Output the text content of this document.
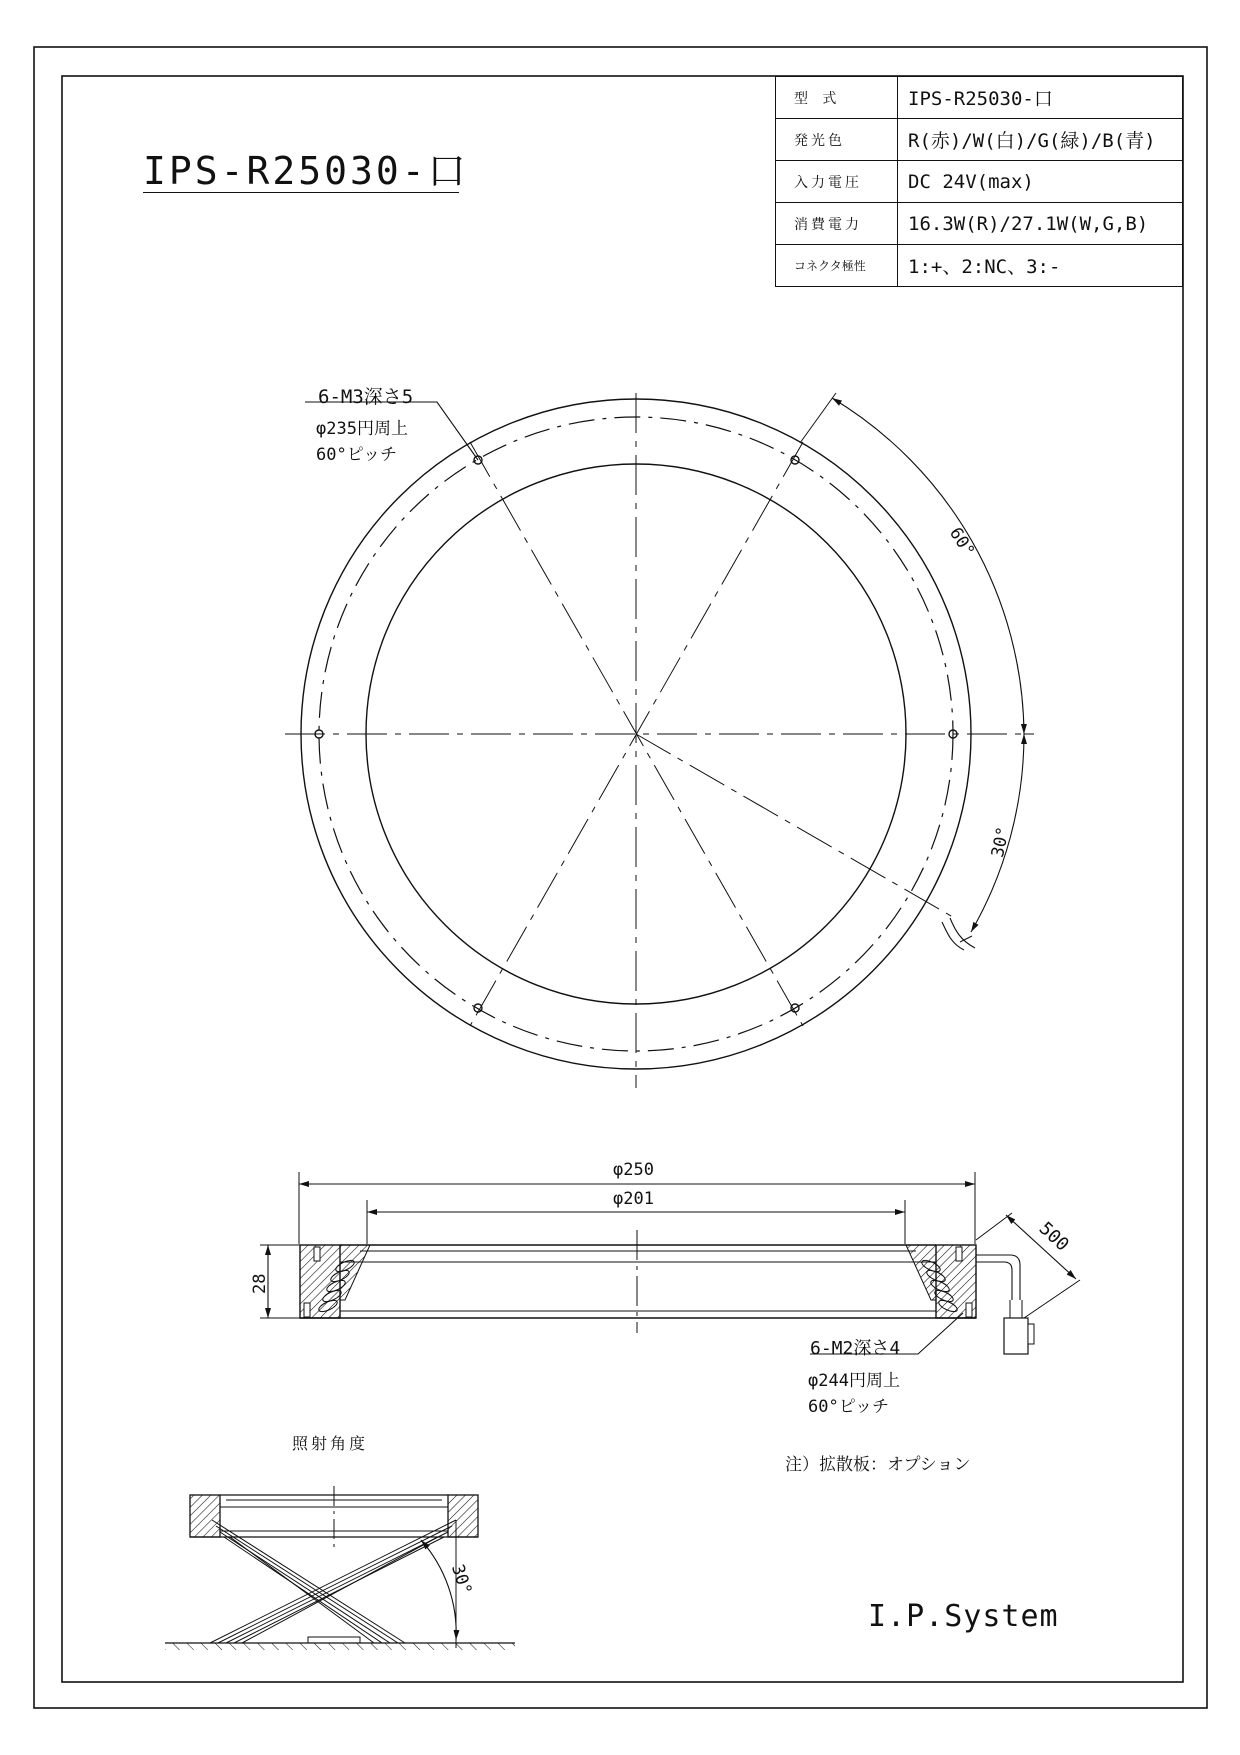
IPS-R25030-口
型 式	IPS-R25030-口
発光色	R(赤)/W(白)/G(緑)/B(青)
入力電圧	DC 24V(max)
消費電力	16.3W(R)/27.1W(W,G,B)
コネクタ極性	1:+、2:NC、3:-
6-M3深さ5
φ235円周上
60°ピッチ
60°
30°
φ250
φ201
28
500
6-M2深さ4
φ244円周上
60°ピッチ
注）拡散板：オプション
照射角度
30°
I.P.System
